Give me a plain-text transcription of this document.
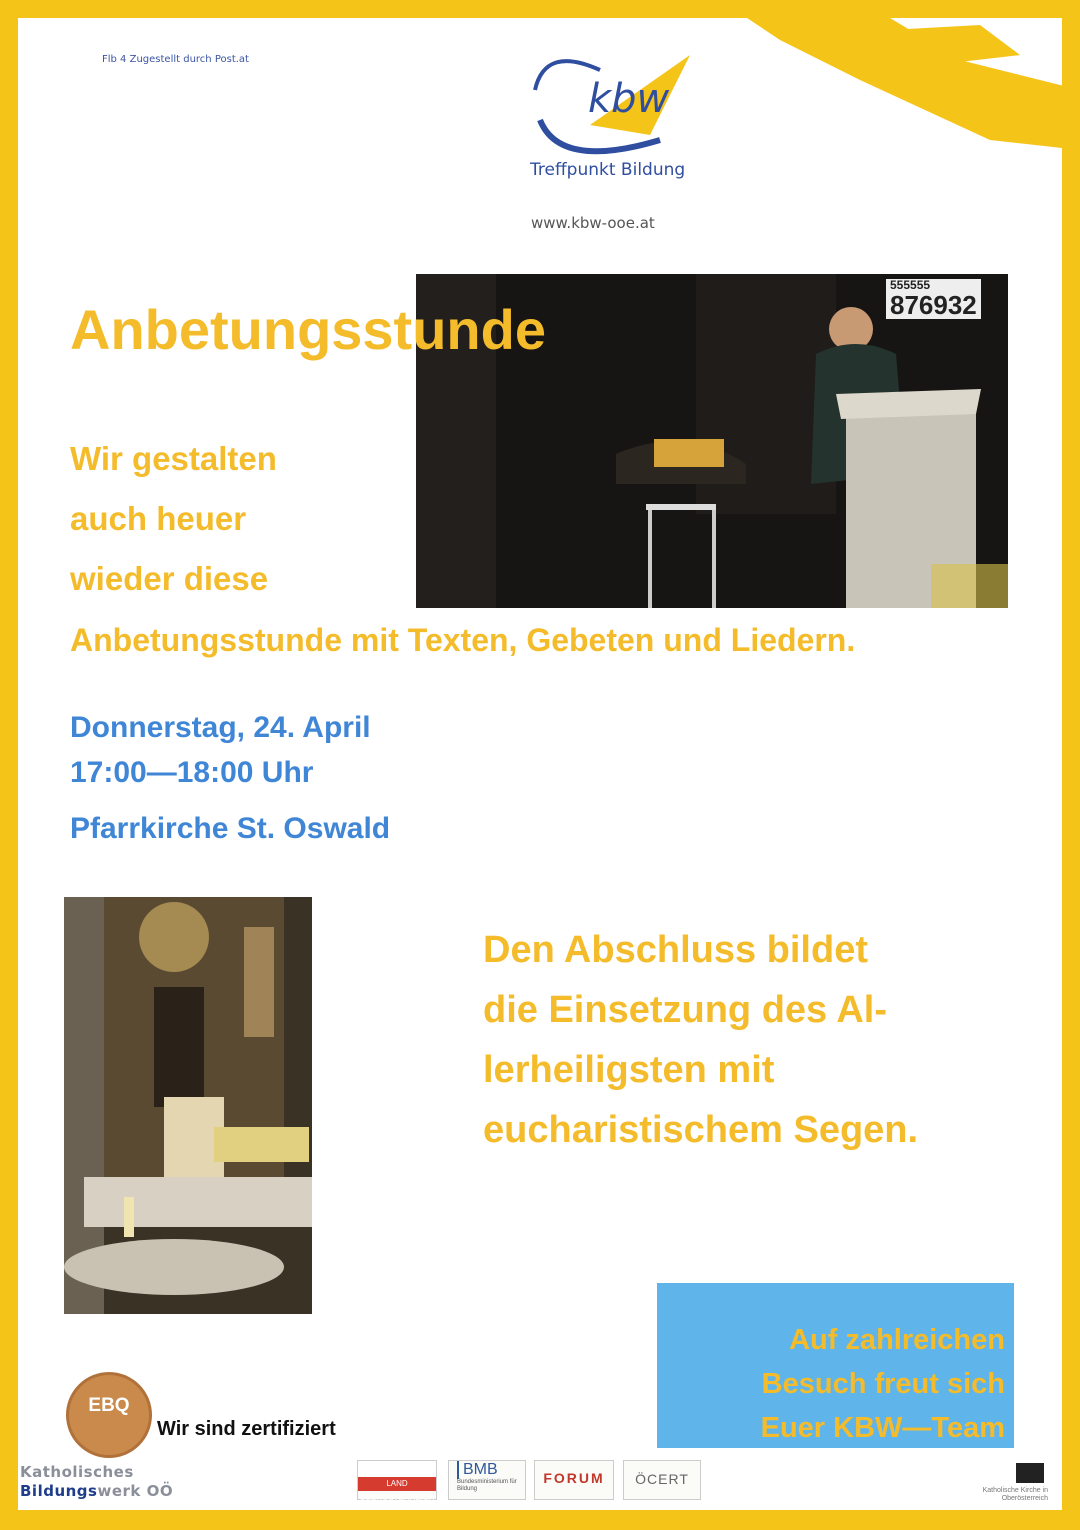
Flb 4 Zugestellt durch Post.at
kbw
Treffpunkt Bildung
www.kbw-ooe.at
555555
876932
Anbetungsstunde
Wir gestalten
auch heuer
wieder diese
Anbetungsstunde mit Texten, Gebeten und Liedern.
Donnerstag, 24. April
17:00—18:00 Uhr
Pfarrkirche St. Oswald
Den Abschluss bildet
die Einsetzung des Al-
lerheiligsten mit
eucharistischem Segen.
Auf zahlreichen
Besuch freut sich
Euer KBW—Team
EBQ
Wir sind zertifiziert
Katholisches
Bildungswerk OÖ	LAND OBERÖSTERREICH
BMB
Bundesministerium für Bildung
FORUM	ÖCERT
Katholische Kirche in Oberösterreich
